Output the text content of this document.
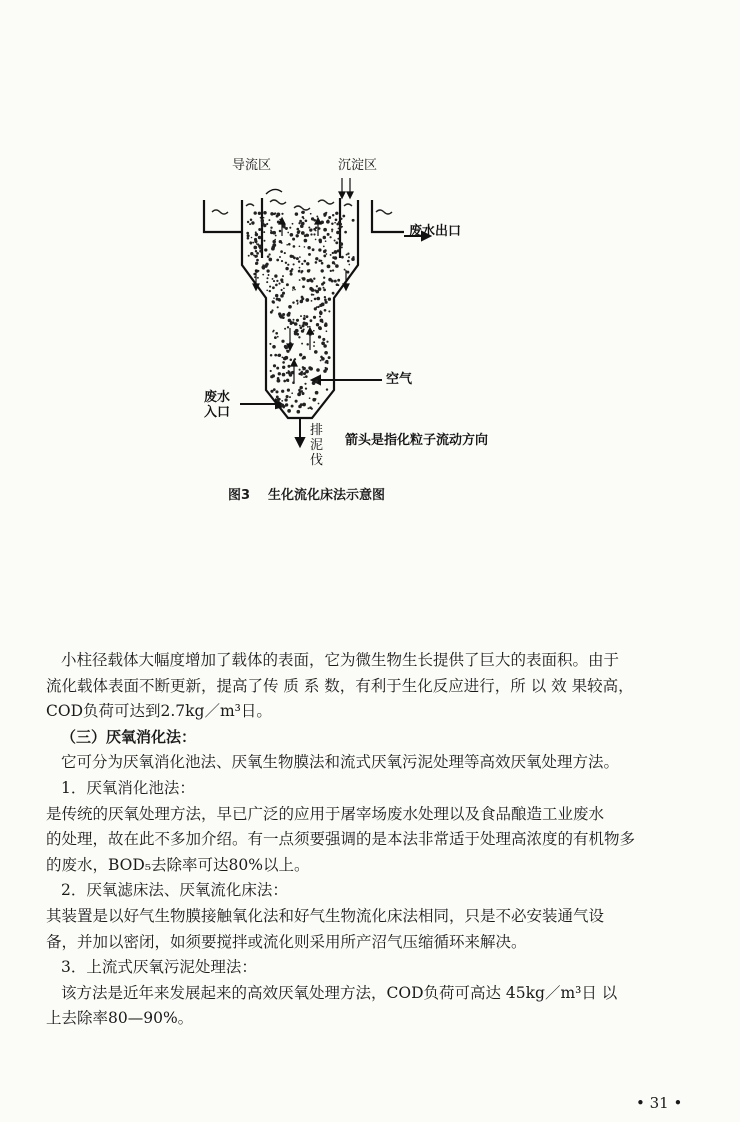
导流区	沉淀区
废水出口
空气
废水入口
排泥伐
箭头是指化粒子流动方向
图3 生化流化床法示意图

小柱径载体大幅度增加了载体的表面，它为微生物生长提供了巨大的表面积。由于

流化载体表面不断更新，提高了传 质 系 数，有利于生化反应进行，所 以 效 果较高，

COD负荷可达到2.7kg／m³日。

（三）厌氧消化法：

它可分为厌氧消化池法、厌氧生物膜法和流式厌氧污泥处理等高效厌氧处理方法。

1．厌氧消化池法：

是传统的厌氧处理方法，早已广泛的应用于屠宰场废水处理以及食品酿造工业废水

的处理，故在此不多加介绍。有一点须要强调的是本法非常适于处理高浓度的有机物多

的废水，BOD₅去除率可达80%以上。

2．厌氧滤床法、厌氧流化床法：

其装置是以好气生物膜接触氧化法和好气生物流化床法相同，只是不必安装通气设

备，并加以密闭，如须要搅拌或流化则采用所产沼气压缩循环来解决。

3．上流式厌氧污泥处理法：

该方法是近年来发展起来的高效厌氧处理方法，COD负荷可高达 45kg／m³日 以

上去除率80—90%。

• 31 •
